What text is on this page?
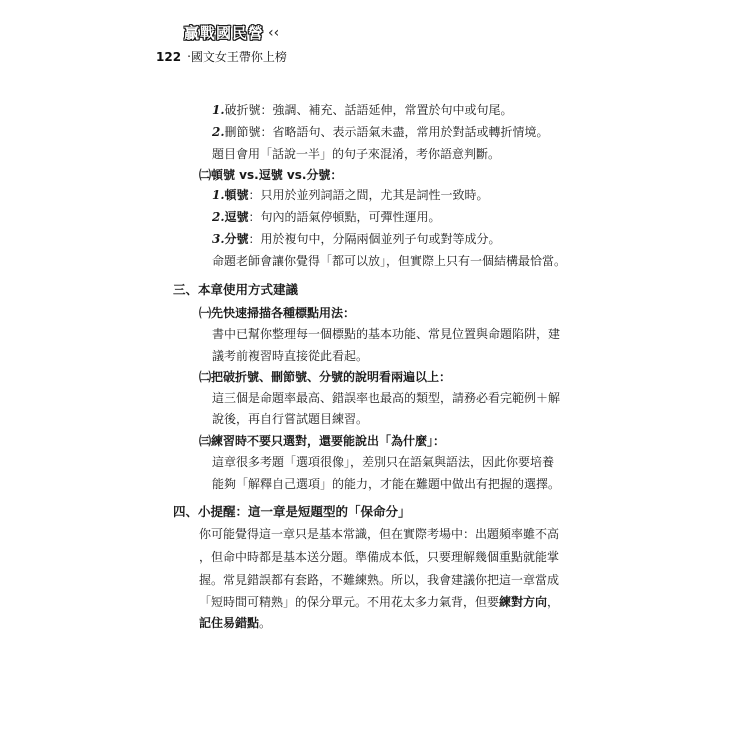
贏戰國民營 ‹‹
122 ‧國文女王帶你上榜
1.破折號：強調、補充、話語延伸，常置於句中或句尾。
2.刪節號：省略語句、表示語氣未盡，常用於對話或轉折情境。
題目會用「話說一半」的句子來混淆，考你語意判斷。
㈡頓號 vs.逗號 vs.分號：
1.頓號：只用於並列詞語之間，尤其是詞性一致時。
2.逗號：句內的語氣停頓點，可彈性運用。
3.分號：用於複句中，分隔兩個並列子句或對等成分。
命題老師會讓你覺得「都可以放」，但實際上只有一個結構最恰當。
三、本章使用方式建議
㈠先快速掃描各種標點用法：
書中已幫你整理每一個標點的基本功能、常見位置與命題陷阱，建
議考前複習時直接從此看起。
㈡把破折號、刪節號、分號的說明看兩遍以上：
這三個是命題率最高、錯誤率也最高的類型，請務必看完範例＋解
說後，再自行嘗試題目練習。
㈢練習時不要只選對，還要能說出「為什麼」：
這章很多考題「選項很像」，差別只在語氣與語法，因此你要培養
能夠「解釋自己選項」的能力，才能在難題中做出有把握的選擇。
四、小提醒：這一章是短題型的「保命分」
你可能覺得這一章只是基本常識，但在實際考場中：出題頻率雖不高
，但命中時都是基本送分題。準備成本低，只要理解幾個重點就能掌
握。常見錯誤都有套路，不難練熟。所以，我會建議你把這一章當成
「短時間可精熟」的保分單元。不用花太多力氣背，但要練對方向，
記住易錯點。
